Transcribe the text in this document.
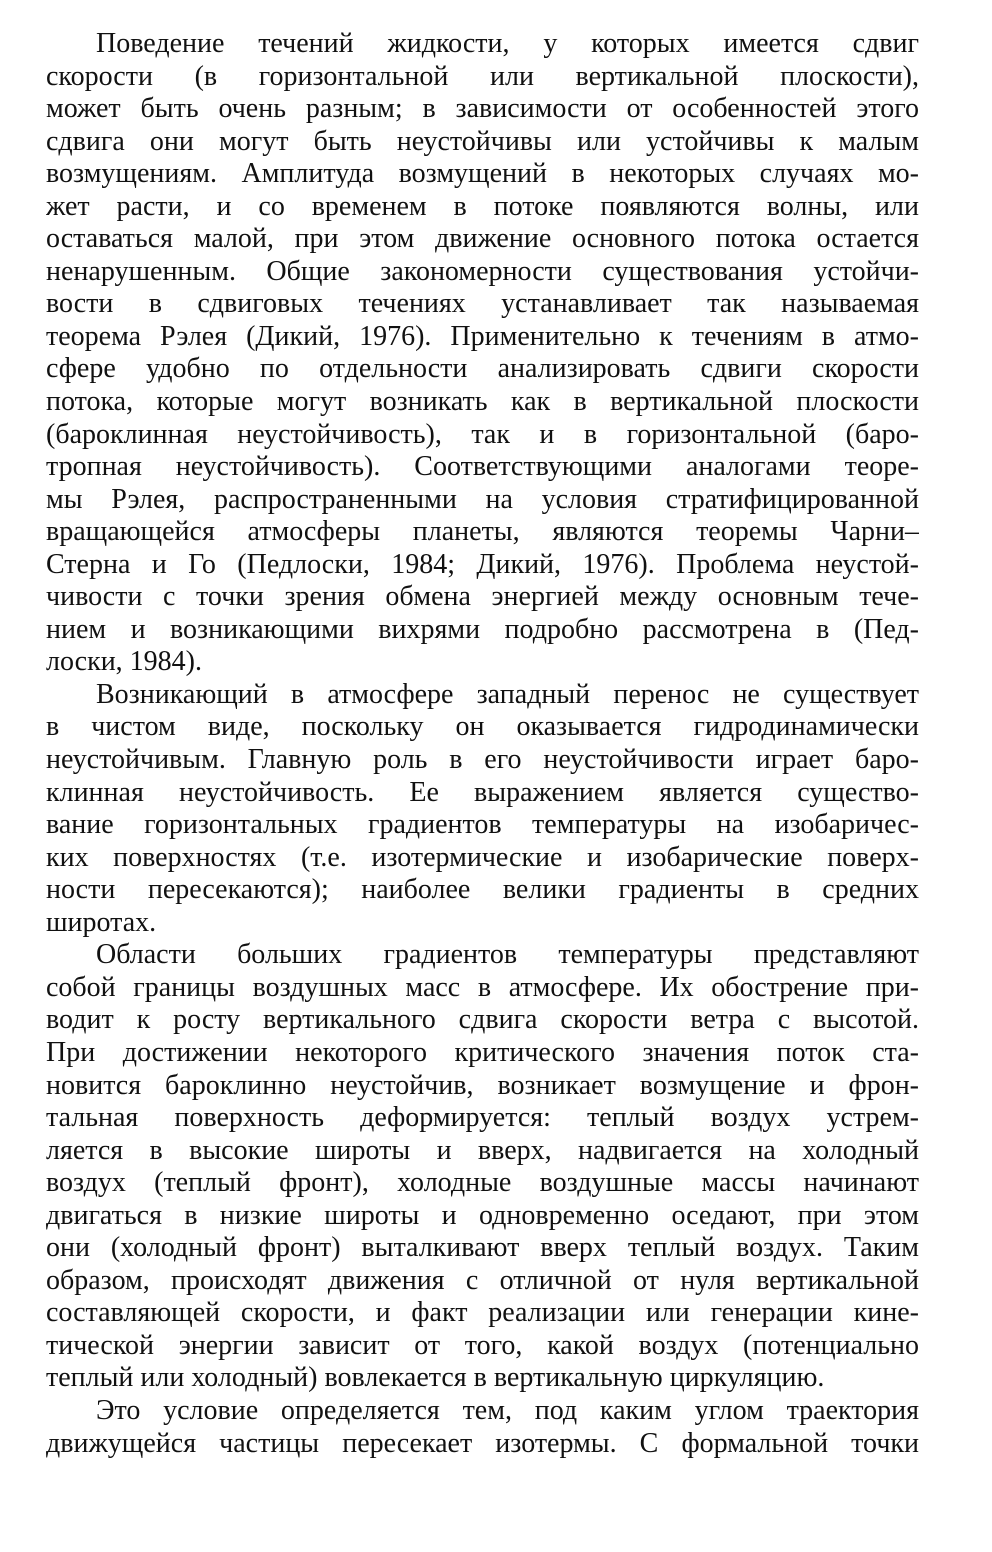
Поведение течений жидкости, у которых имеется сдвиг
скорости (в горизонтальной или вертикальной плоскости),
может быть очень разным; в зависимости от особенностей этого
сдвига они могут быть неустойчивы или устойчивы к малым
возмущениям. Амплитуда возмущений в некоторых случаях мо-
жет расти, и со временем в потоке появляются волны, или
оставаться малой, при этом движение основного потока остается
ненарушенным. Общие закономерности существования устойчи-
вости в сдвиговых течениях устанавливает так называемая
теорема Рэлея (Дикий, 1976). Применительно к течениям в атмо-
сфере удобно по отдельности анализировать сдвиги скорости
потока, которые могут возникать как в вертикальной плоскости
(бароклинная неустойчивость), так и в горизонтальной (баро-
тропная неустойчивость). Соответствующими аналогами теоре-
мы Рэлея, распространенными на условия стратифицированной
вращающейся атмосферы планеты, являются теоремы Чарни–
Стерна и Го (Педлоски, 1984; Дикий, 1976). Проблема неустой-
чивости с точки зрения обмена энергией между основным тече-
нием и возникающими вихрями подробно рассмотрена в (Пед-
лоски, 1984).
Возникающий в атмосфере западный перенос не существует
в чистом виде, поскольку он оказывается гидродинамически
неустойчивым. Главную роль в его неустойчивости играет баро-
клинная неустойчивость. Ее выражением является существо-
вание горизонтальных градиентов температуры на изобаричес-
ких поверхностях (т.е. изотермические и изобарические поверх-
ности пересекаются); наиболее велики градиенты в средних
широтах.
Области больших градиентов температуры представляют
собой границы воздушных масс в атмосфере. Их обострение при-
водит к росту вертикального сдвига скорости ветра с высотой.
При достижении некоторого критического значения поток ста-
новится бароклинно неустойчив, возникает возмущение и фрон-
тальная поверхность деформируется: теплый воздух устрем-
ляется в высокие широты и вверх, надвигается на холодный
воздух (теплый фронт), холодные воздушные массы начинают
двигаться в низкие широты и одновременно оседают, при этом
они (холодный фронт) выталкивают вверх теплый воздух. Таким
образом, происходят движения с отличной от нуля вертикальной
составляющей скорости, и факт реализации или генерации кине-
тической энергии зависит от того, какой воздух (потенциально
теплый или холодный) вовлекается в вертикальную циркуляцию.
Это условие определяется тем, под каким углом траектория
движущейся частицы пересекает изотермы. С формальной точки
